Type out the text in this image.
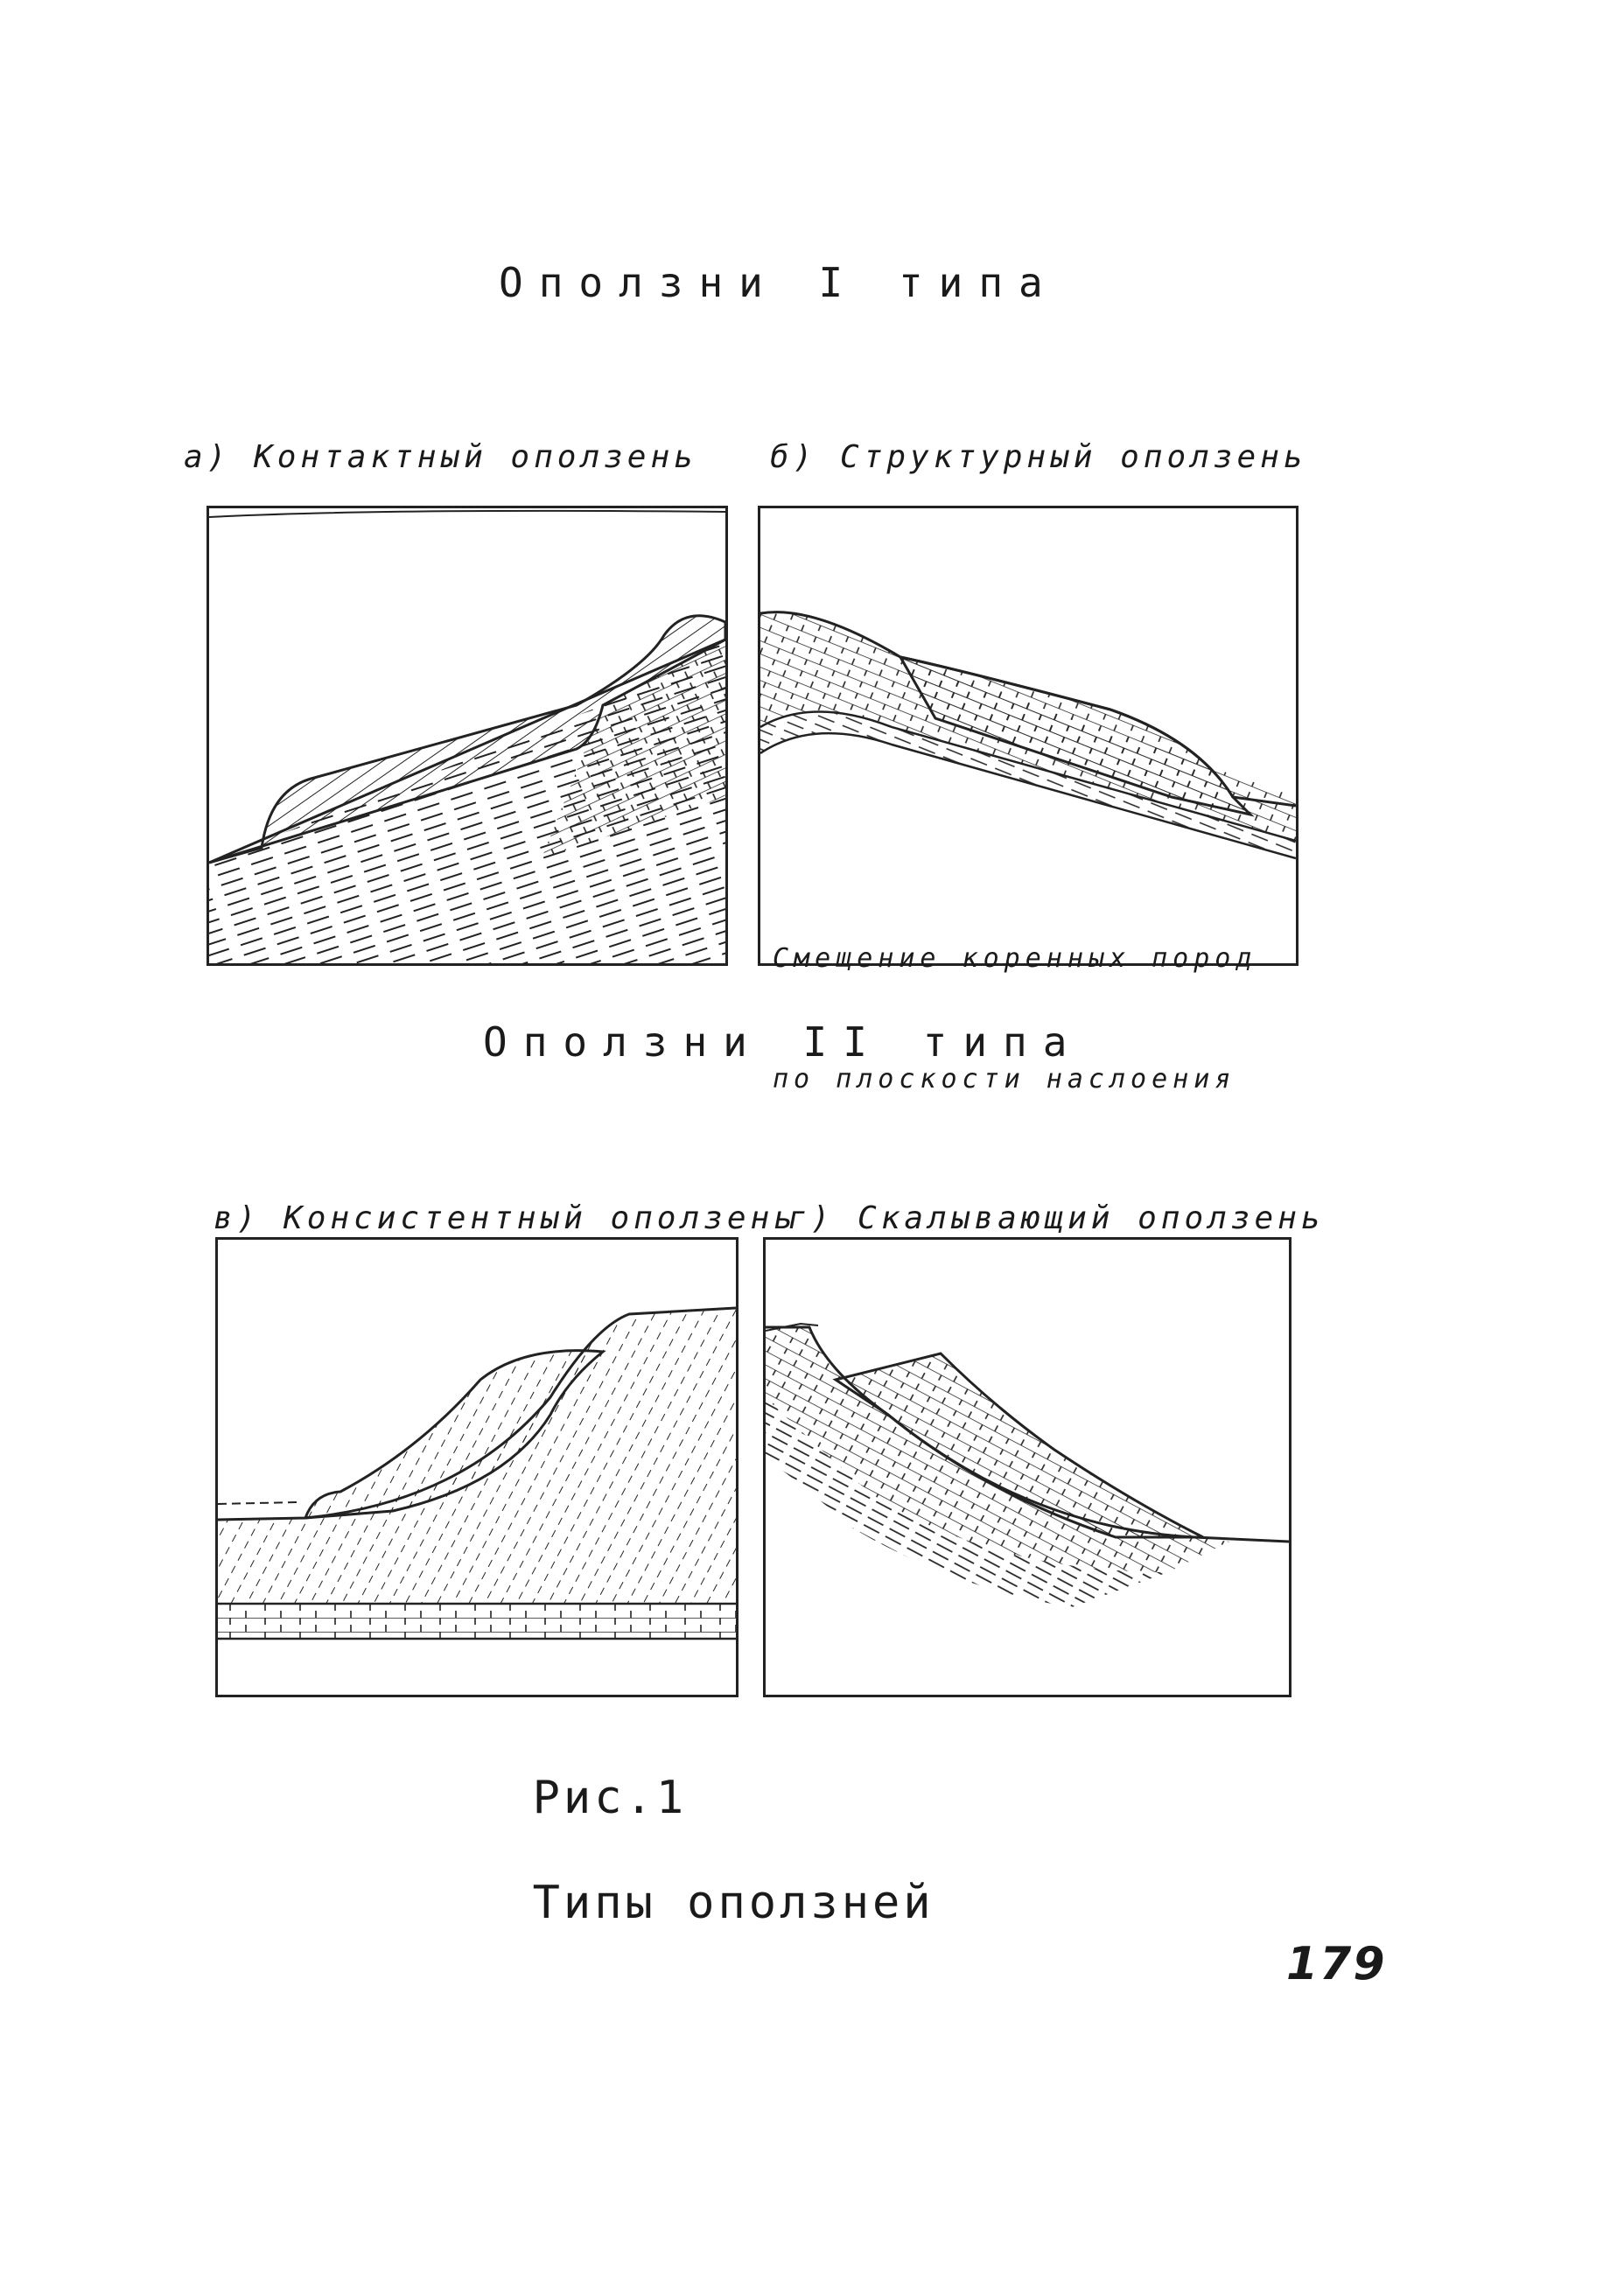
Оползни I типа

а) Контактный оползень

	б) Структурный оползень

Смещение коренных пород

по плоскости наслоения

Оползни II типа

в) Консистентный оползень

г) Скалывающий оползень

Рис.1

Типы оползней

179
